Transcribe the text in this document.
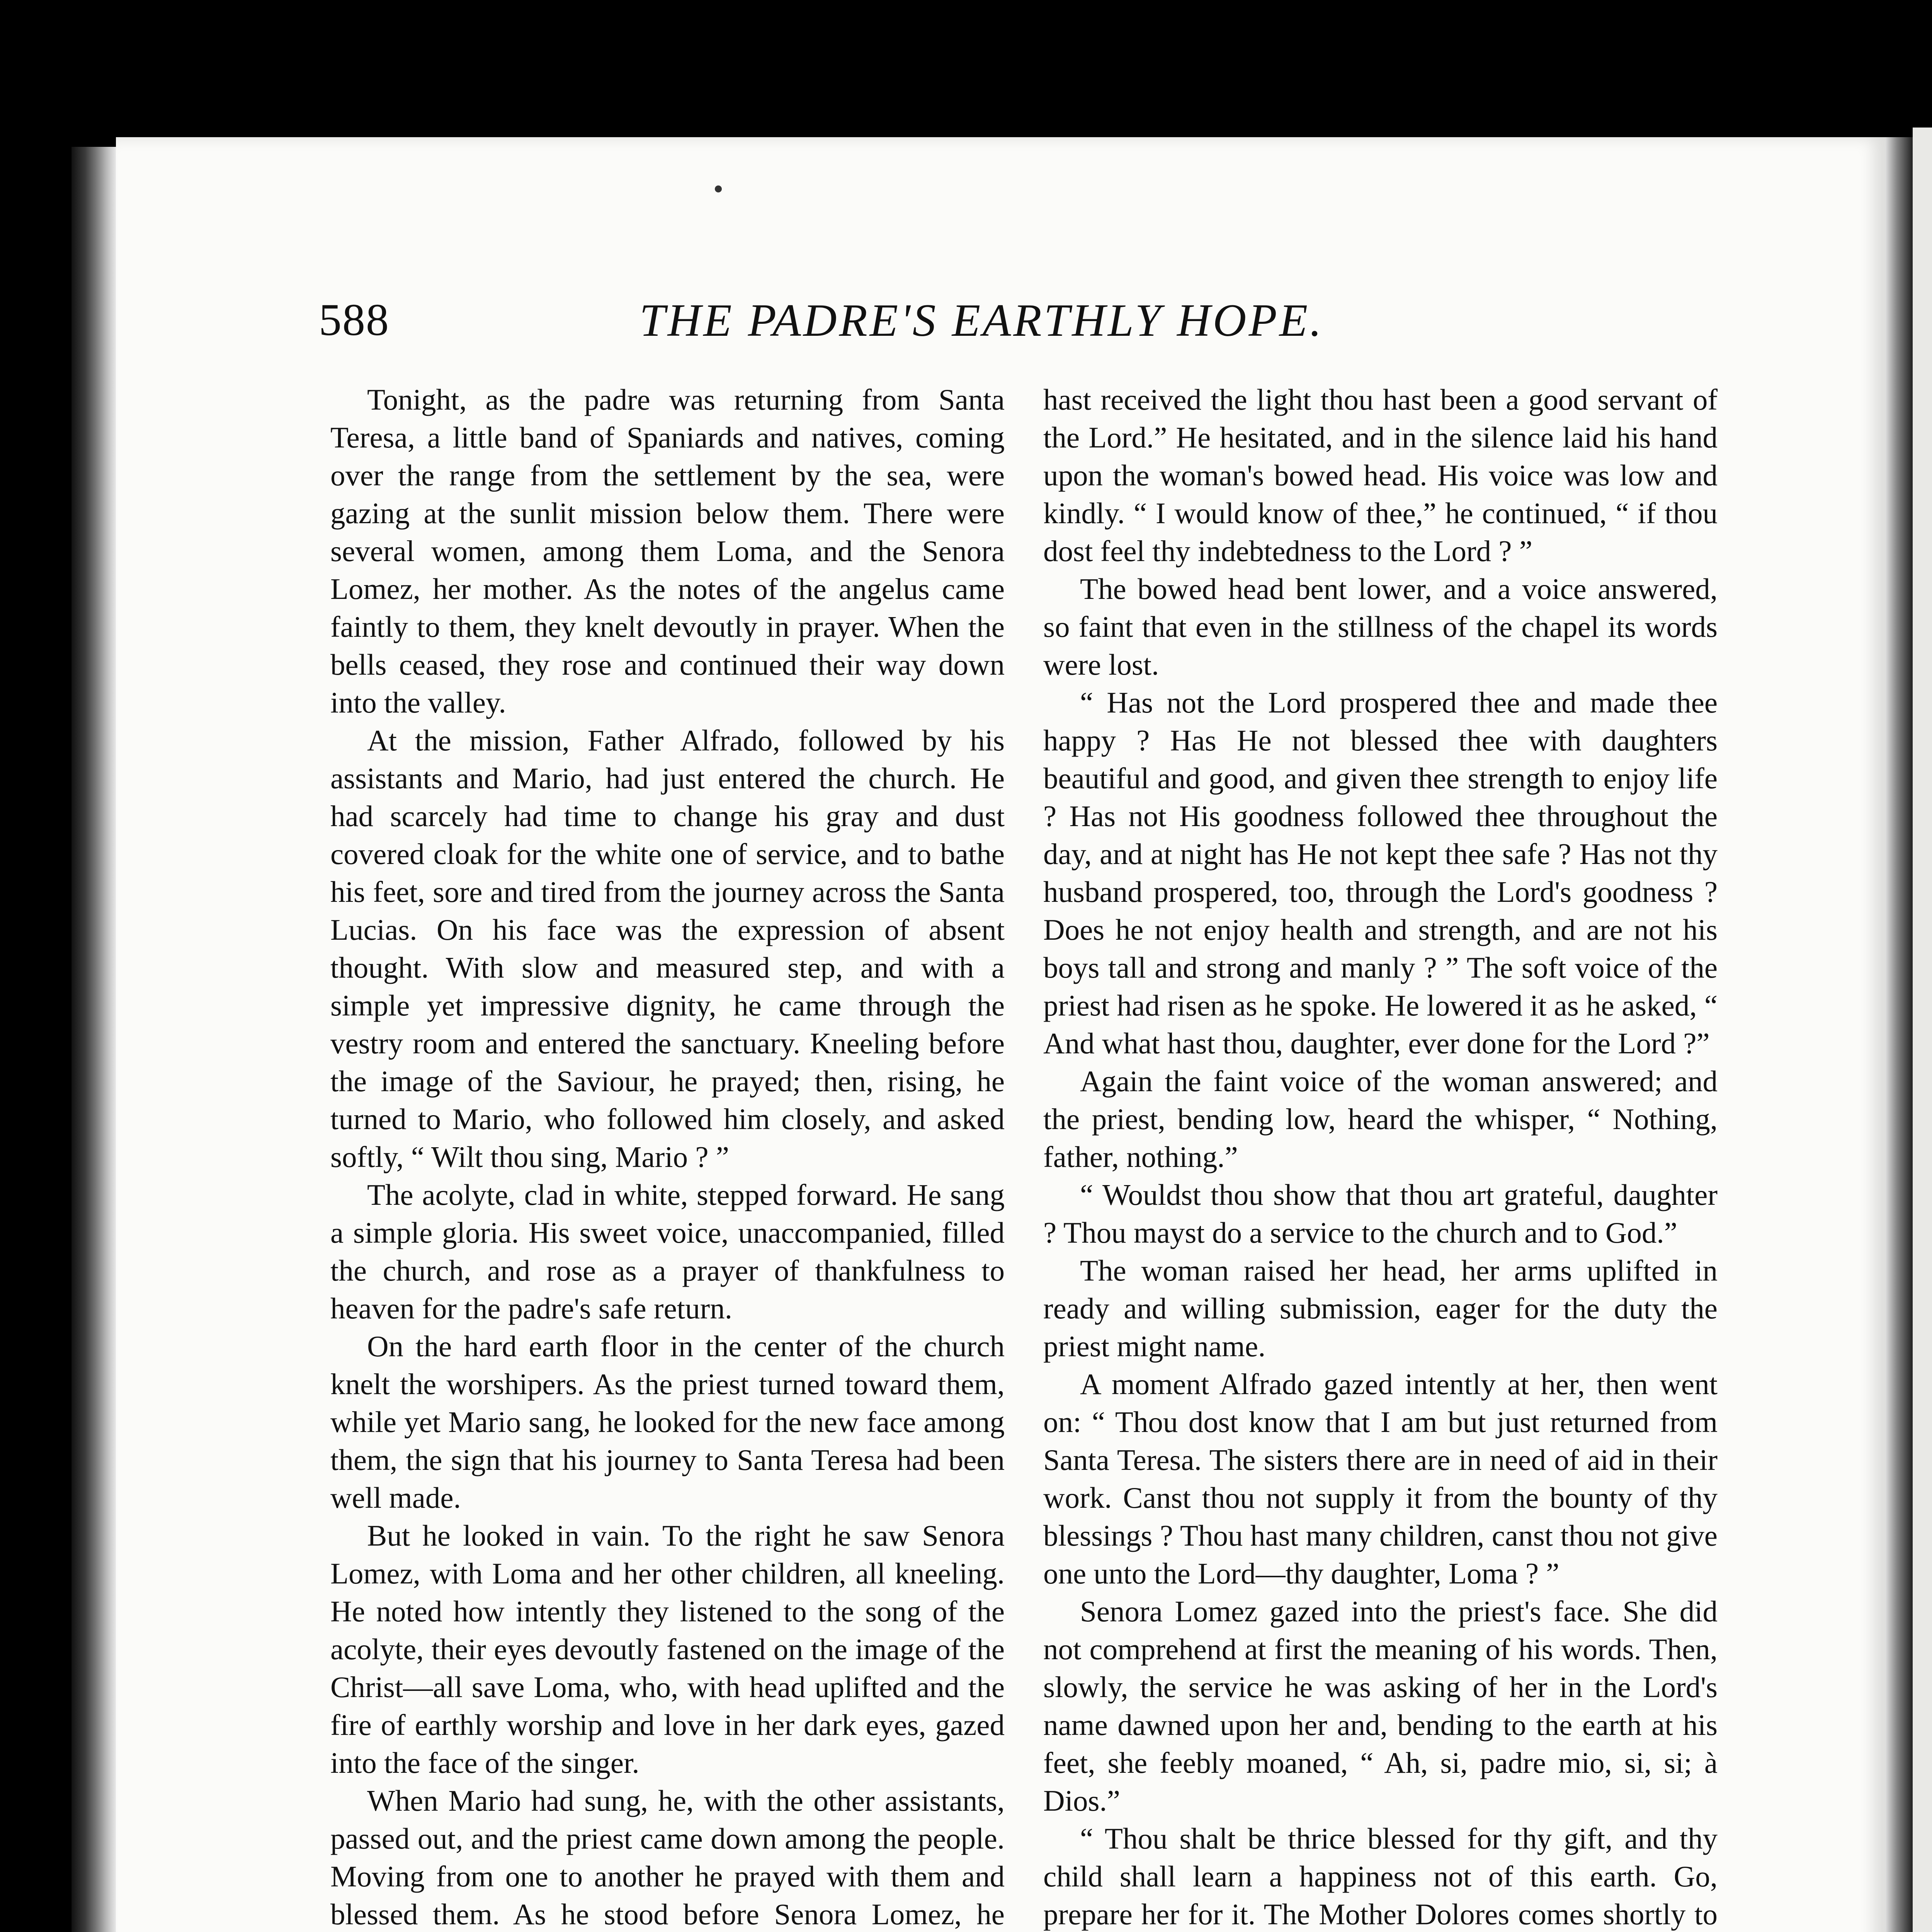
588	THE PADRE'S EARTHLY HOPE.

Tonight, as the padre was returning from Santa Teresa, a little band of Spaniards and natives, coming over the range from the settlement by the sea, were gazing at the sunlit mission below them. There were several women, among them Loma, and the Senora Lomez, her mother. As the notes of the angelus came faintly to them, they knelt devoutly in prayer. When the bells ceased, they rose and continued their way down into the valley.

At the mission, Father Alfrado, followed by his assistants and Mario, had just entered the church. He had scarcely had time to change his gray and dust covered cloak for the white one of service, and to bathe his feet, sore and tired from the journey across the Santa Lucias. On his face was the expression of absent thought. With slow and measured step, and with a simple yet impressive dignity, he came through the vestry room and entered the sanctuary. Kneeling before the image of the Saviour, he prayed; then, rising, he turned to Mario, who followed him closely, and asked softly, “ Wilt thou sing, Mario ? ”

The acolyte, clad in white, stepped forward. He sang a simple gloria. His sweet voice, unaccompanied, filled the church, and rose as a prayer of thankfulness to heaven for the padre's safe return.

On the hard earth floor in the center of the church knelt the worshipers. As the priest turned toward them, while yet Mario sang, he looked for the new face among them, the sign that his journey to Santa Teresa had been well made.

But he looked in vain. To the right he saw Senora Lomez, with Loma and her other children, all kneeling. He noted how intently they listened to the song of the acolyte, their eyes devoutly fastened on the image of the Christ—all save Loma, who, with head uplifted and the fire of earthly worship and love in her dark eyes, gazed into the face of the singer.

When Mario had sung, he, with the other assistants, passed out, and the priest came down among the people. Moving from one to another he prayed with them and blessed them. As he stood before Senora Lomez, he

hast received the light thou hast been a good servant of the Lord.” He hesitated, and in the silence laid his hand upon the woman's bowed head. His voice was low and kindly. “ I would know of thee,” he continued, “ if thou dost feel thy indebtedness to the Lord ? ”

The bowed head bent lower, and a voice answered, so faint that even in the stillness of the chapel its words were lost.

“ Has not the Lord prospered thee and made thee happy ? Has He not blessed thee with daughters beautiful and good, and given thee strength to enjoy life ? Has not His goodness followed thee throughout the day, and at night has He not kept thee safe ? Has not thy husband prospered, too, through the Lord's goodness ? Does he not enjoy health and strength, and are not his boys tall and strong and manly ? ” The soft voice of the priest had risen as he spoke. He lowered it as he asked, “ And what hast thou, daughter, ever done for the Lord ?”

Again the faint voice of the woman answered; and the priest, bending low, heard the whisper, “ Nothing, father, nothing.”

“ Wouldst thou show that thou art grateful, daughter ? Thou mayst do a service to the church and to God.”

The woman raised her head, her arms uplifted in ready and willing submission, eager for the duty the priest might name.

A moment Alfrado gazed intently at her, then went on: “ Thou dost know that I am but just returned from Santa Teresa. The sisters there are in need of aid in their work. Canst thou not supply it from the bounty of thy blessings ? Thou hast many children, canst thou not give one unto the Lord—thy daughter, Loma ? ”

Senora Lomez gazed into the priest's face. She did not comprehend at first the meaning of his words. Then, slowly, the service he was asking of her in the Lord's name dawned upon her and, bending to the earth at his feet, she feebly moaned, “ Ah, si, padre mio, si, si; à Dios.”

“ Thou shalt be thrice blessed for thy gift, and thy child shall learn a happiness not of this earth. Go, prepare her for it. The Mother Dolores comes shortly to
